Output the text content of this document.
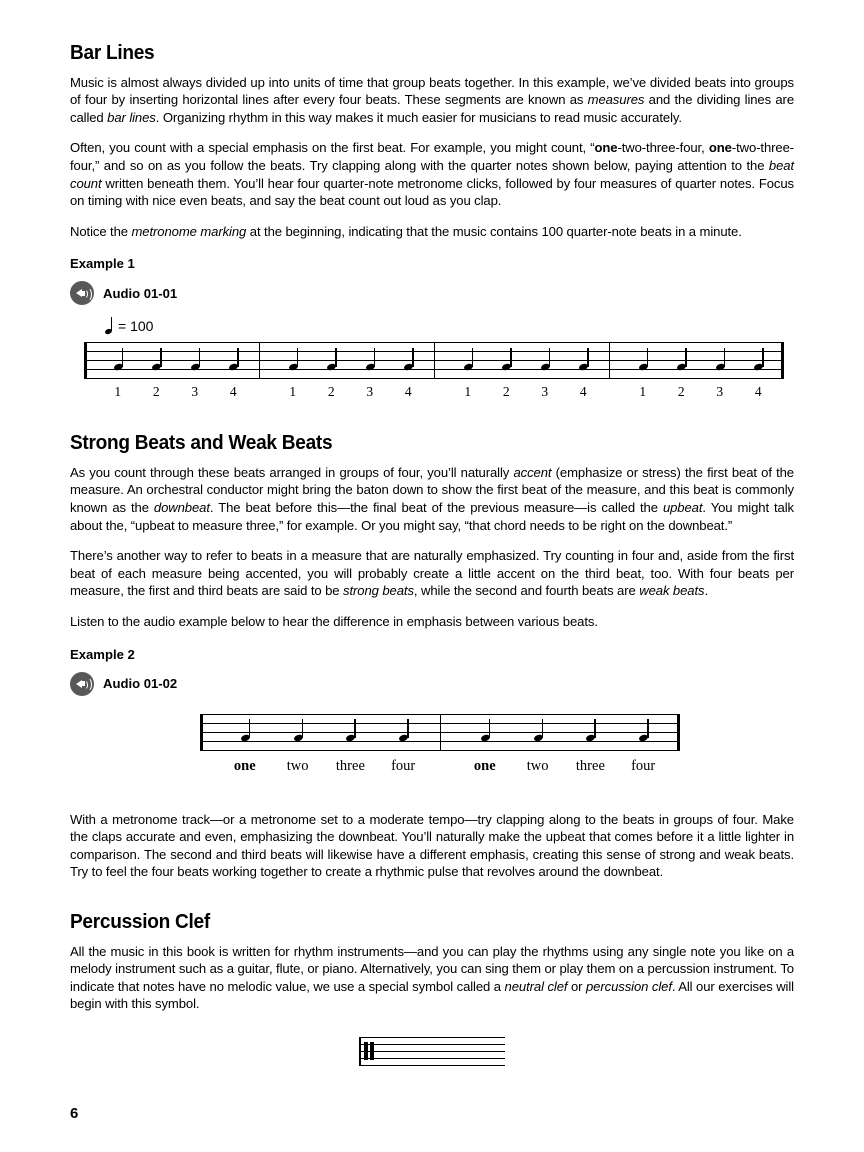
Bar Lines

Music is almost always divided up into units of time that group beats together. In this example, we’ve divided beats into groups of four by inserting horizontal lines after every four beats. These segments are known as measures and the dividing lines are called bar lines. Organizing rhythm in this way makes it much easier for musicians to read music accurately.

Often, you count with a special emphasis on the first beat. For example, you might count, “one-two-three-four, one-two-three-four,” and so on as you follow the beats. Try clapping along with the quarter notes shown below, paying attention to the beat count written beneath them. You’ll hear four quarter-note metronome clicks, followed by four measures of quarter notes. Focus on timing with nice even beats, and say the beat count out loud as you clap.

Notice the metronome marking at the beginning, indicating that the music contains 100 quarter-note beats in a minute.

Example 1
Audio 01-01
= 100
1 2 3 4	1 2 3 4	1 2 3 4	1 2 3 4
Strong Beats and Weak Beats

As you count through these beats arranged in groups of four, you’ll naturally accent (emphasize or stress) the first beat of the measure. An orchestral conductor might bring the baton down to show the first beat of the measure, and this beat is commonly known as the downbeat. The beat before this—the final beat of the previous measure—is called the upbeat. You might talk about the, “upbeat to measure three,” for example. Or you might say, “that chord needs to be right on the downbeat.”

There’s another way to refer to beats in a measure that are naturally emphasized. Try counting in four and, aside from the first beat of each measure being accented, you will probably create a little accent on the third beat, too. With four beats per measure, the first and third beats are said to be strong beats, while the second and fourth beats are weak beats.

Listen to the audio example below to hear the difference in emphasis between various beats.

Example 2
Audio 01-02
one two three four	one two three four

With a metronome track—or a metronome set to a moderate tempo—try clapping along to the beats in groups of four. Make the claps accurate and even, emphasizing the downbeat. You’ll naturally make the upbeat that comes before it a little lighter in comparison. The second and third beats will likewise have a different emphasis, creating this sense of strong and weak beats. Try to feel the four beats working together to create a rhythmic pulse that revolves around the downbeat.

Percussion Clef

All the music in this book is written for rhythm instruments—and you can play the rhythms using any single note you like on a melody instrument such as a guitar, flute, or piano. Alternatively, you can sing them or play them on a percussion instrument. To indicate that notes have no melodic value, we use a special symbol called a neutral clef or percussion clef. All our exercises will begin with this symbol.

6
